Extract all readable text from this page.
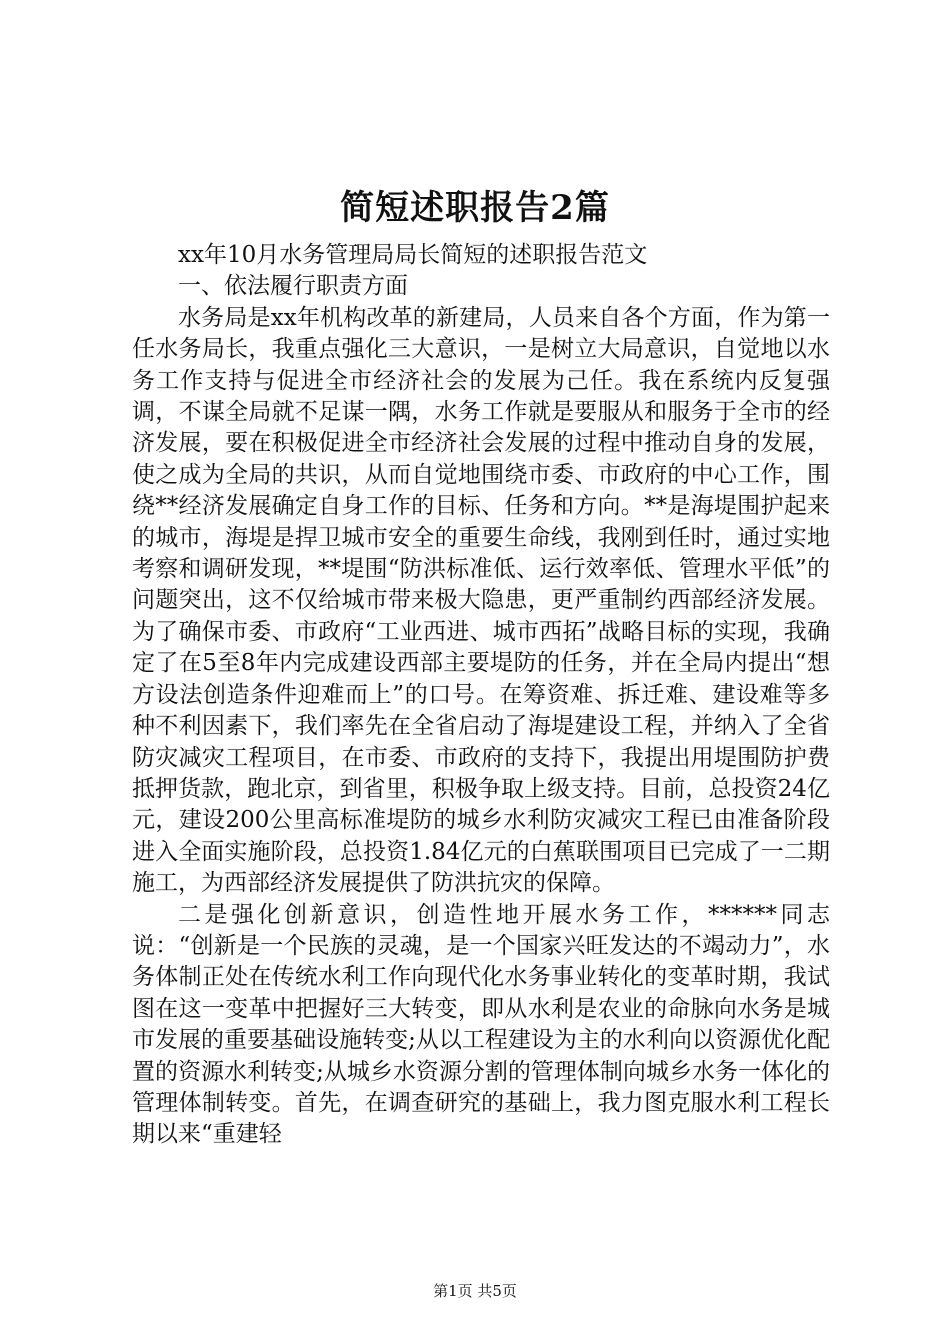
简短述职报告2篇

xx年10月水务管理局局长简短的述职报告范文

一、依法履行职责方面

水务局是xx年机构改革的新建局，人员来自各个方面，作为第一任水务局长，我重点强化三大意识，一是树立大局意识，自觉地以水务工作支持与促进全市经济社会的发展为己任。我在系统内反复强调，不谋全局就不足谋一隅，水务工作就是要服从和服务于全市的经济发展，要在积极促进全市经济社会发展的过程中推动自身的发展，使之成为全局的共识，从而自觉地围绕市委、市政府的中心工作，围绕**经济发展确定自身工作的目标、任务和方向。**是海堤围护起来的城市，海堤是捍卫城市安全的重要生命线，我刚到任时，通过实地考察和调研发现，**堤围“防洪标准低、运行效率低、管理水平低”的问题突出，这不仅给城市带来极大隐患，更严重制约西部经济发展。为了确保市委、市政府“工业西进、城市西拓”战略目标的实现，我确定了在5至8年内完成建设西部主要堤防的任务，并在全局内提出“想方设法创造条件迎难而上”的口号。在筹资难、拆迁难、建设难等多种不利因素下，我们率先在全省启动了海堤建设工程，并纳入了全省防灾减灾工程项目，在市委、市政府的支持下，我提出用堤围防护费抵押货款，跑北京，到省里，积极争取上级支持。目前，总投资24亿元，建设200公里高标准堤防的城乡水利防灾减灾工程已由准备阶段进入全面实施阶段，总投资1.84亿元的白蕉联围项目已完成了一二期施工，为西部经济发展提供了防洪抗灾的保障。

二是强化创新意识，创造性地开展水务工作，******同志说：“创新是一个民族的灵魂，是一个国家兴旺发达的不竭动力”，水务体制正处在传统水利工作向现代化水务事业转化的变革时期，我试图在这一变革中把握好三大转变，即从水利是农业的命脉向水务是城市发展的重要基础设施转变;从以工程建设为主的水利向以资源优化配置的资源水利转变;从城乡水资源分割的管理体制向城乡水务一体化的管理体制转变。首先，在调查研究的基础上，我力图克服水利工程长期以来“重建轻

第1页 共5页
